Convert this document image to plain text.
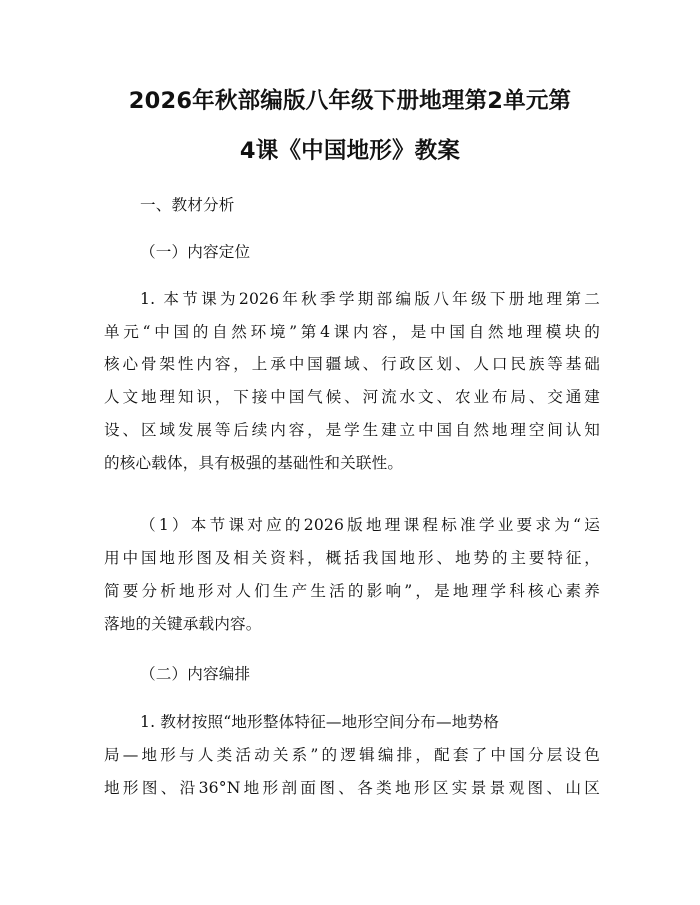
2026年秋部编版八年级下册地理第2单元第
4课《中国地形》教案
一、教材分析
（一）内容定位
1. 本节课为2026年秋季学期部编版八年级下册地理第二
单元“中国的自然环境”第4课内容，是中国自然地理模块的
核心骨架性内容，上承中国疆域、行政区划、人口民族等基础
人文地理知识，下接中国气候、河流水文、农业布局、交通建
设、区域发展等后续内容，是学生建立中国自然地理空间认知
的核心载体，具有极强的基础性和关联性。
（1）本节课对应的2026版地理课程标准学业要求为“运
用中国地形图及相关资料，概括我国地形、地势的主要特征，
简要分析地形对人们生产生活的影响”，是地理学科核心素养
落地的关键承载内容。
（二）内容编排
1. 教材按照“地形整体特征—地形空间分布—地势格
局—地形与人类活动关系”的逻辑编排，配套了中国分层设色
地形图、沿36°N地形剖面图、各类地形区实景景观图、山区
